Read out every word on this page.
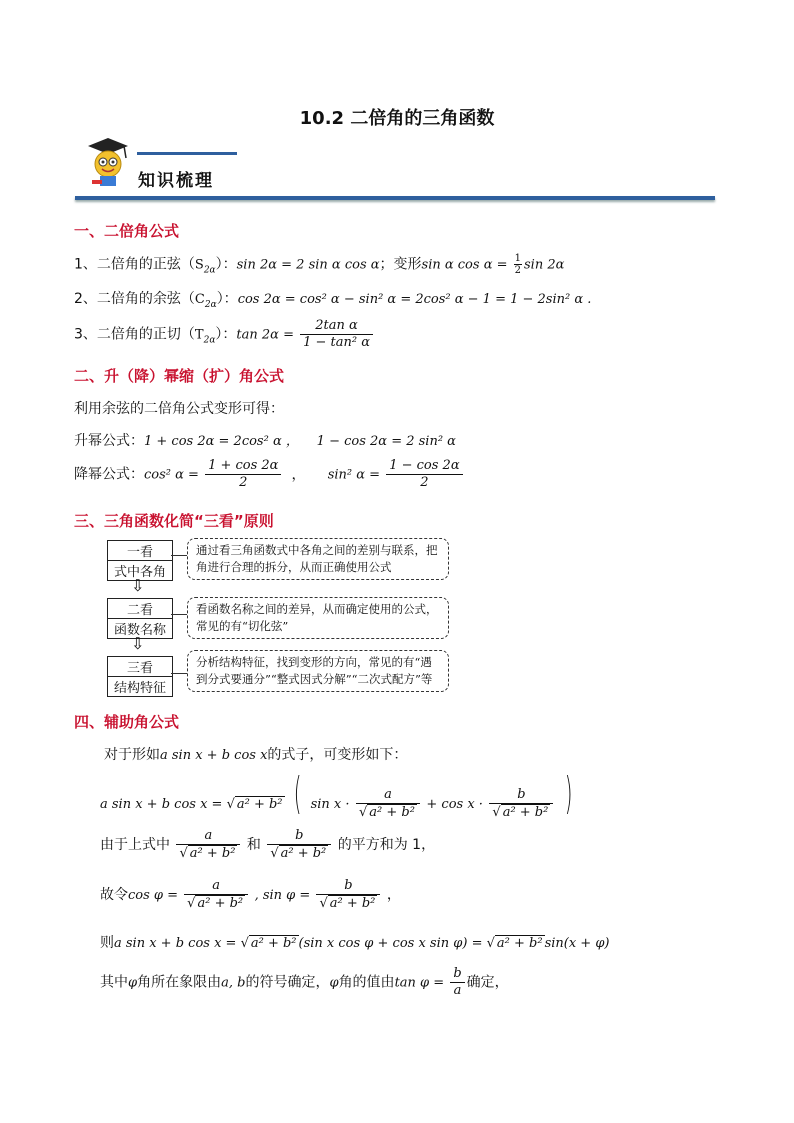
10.2 二倍角的三角函数
知识梳理
一、二倍角公式
1、二倍角的正弦$(S_{2\alpha})$：sin 2α = 2 sin α cos α；变形sin α $\cos \alpha = \frac{1}{2}$ sin 2α
2、二倍角的余弦$(C_{2\alpha})$：cos 2α = cos² α − sin² α = 2cos² α − 1 = 1 − 2sin² α .
3、二倍角的正切$(T_{2\alpha})$：$\tan 2\alpha = \frac{\text{2tan α}}{\text{1 − tan² α}}$
二、升（降）幂缩（扩）角公式
利用余弦的二倍角公式变形可得：
升幂公式：1 + cos 2α = 2cos² α ， 1 − cos 2α = 2 sin² α
降幂公式：cos² $\alpha = \frac{1 + \cos 2\alpha}{2}$ ， sin² $\alpha = \frac{1 - \cos 2\alpha}{2}$
三、三角函数化简“三看”原则
一看
式中各角
通过看三角函数式中各角之间的差别与联系，把角进行合理的拆分，从而正确使用公式
⇩
二看
函数名称
看函数名称之间的差异，从而确定使用的公式，常见的有“切化弦”
⇩
三看
结构特征
分析结构特征，找到变形的方向，常见的有“遇到分式要通分”“整式因式分解”“二次式配方”等
四、辅助角公式
对于形如a sin x + b cos x的式子，可变形如下：
a sin x + b cos x = √ a² + b² ( $\sin x \cdot \frac{a}{\text{√ a² + b²}} + \cos x \cdot \frac{b}{\text{√ a² + b²}}$ )
由于上式中 $\frac{a}{\text{√ a² + b²}}$ 和 $\frac{b}{\text{√ a² + b²}}$ 的平方和为 1，
故令$\cos \varphi = \frac{a}{\text{√ a² + b²}}$ , $\sin \varphi = \frac{b}{\text{√ a² + b²}}$ ，
则a sin x + b cos x = √ a² + b² (sin x cos φ + cos x sin φ) = √ a² + b² sin(x + φ)
其中φ角所在象限由a, b的符号确定，φ角的值由$\tan \varphi = \frac{b}{a}$ 确定，
